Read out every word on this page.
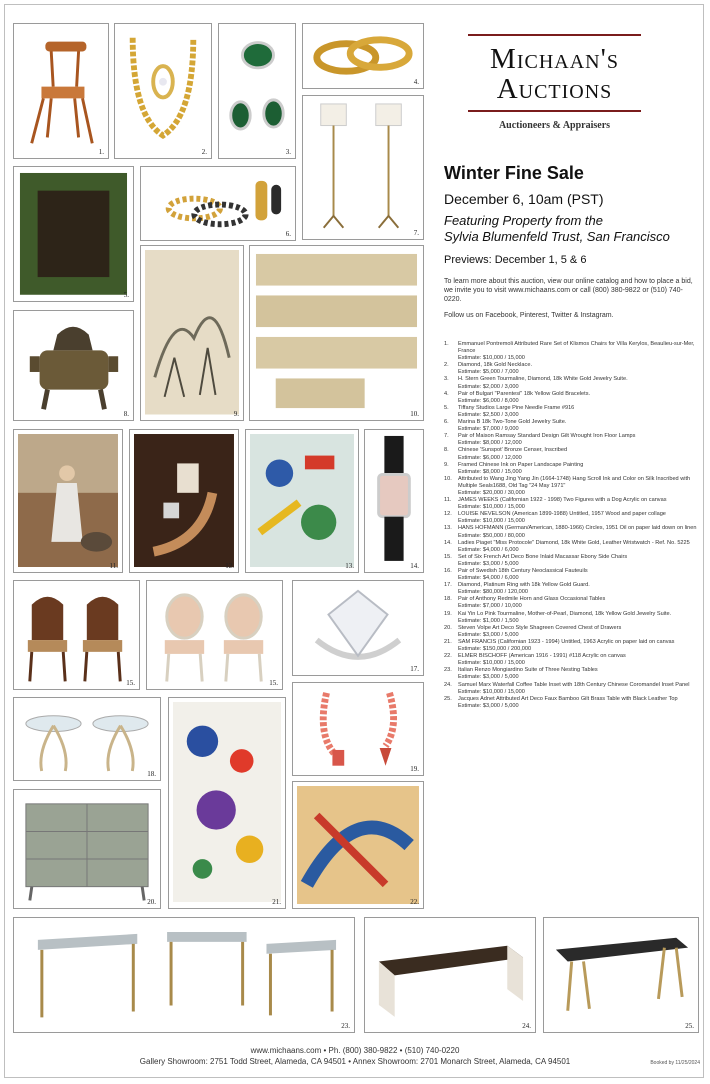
Michaan's
Auctions
Auctioneers & Appraisers
Winter Fine Sale
December 6, 10am (PST)
Featuring Property from the
Sylvia Blumenfeld Trust, San Francisco
Previews: December 1, 5 & 6
To learn more about this auction, view our online catalog and how to place a bid, we invite you to visit www.michaans.com or call (800) 380-9822 or (510) 740-0220.
Follow us on Facebook, Pinterest, Twitter & Instagram.
1. Emmanuel Pontremoli Attributed Rare Set of Klismos Chairs for Villa Kerylos, Beaulieu-sur-Mer, France
Estimate: $10,000 / 15,000
2. Diamond, 18k Gold Necklace.
Estimate: $5,000 / 7,000
3. H. Stern Green Tourmaline, Diamond, 18k White Gold Jewelry Suite.
Estimate: $2,000 / 3,000
4. Pair of Bulgari "Parentesi" 18k Yellow Gold Bracelets.
Estimate: $6,000 / 8,000
5. Tiffany Studios Large Pine Needle Frame #916
Estimate: $2,500 / 3,000
6. Marina B 18k Two-Tone Gold Jewelry Suite.
Estimate: $7,000 / 9,000
7. Pair of Maison Ramsay Standard Design Gilt Wrought Iron Floor Lamps
Estimate: $8,000 / 12,000
8. Chinese 'Sunspot' Bronze Censer, Inscribed
Estimate: $6,000 / 12,000
9. Framed Chinese Ink on Paper Landscape Painting
Estimate: $8,000 / 15,000
10. Attributed to Wang Jing Yang Jin (1664-1748) Hang Scroll Ink and Color on Silk Inscribed with Multiple Seals1688, Old Tag "24 May 1971"
Estimate: $20,000 / 30,000
11. JAMES WEEKS (Californian 1922 - 1998) Two Figures with a Dog Acrylic on canvas
Estimate: $10,000 / 15,000
12. LOUISE NEVELSON (American 1899-1988) Untitled, 1957 Wood and paper collage
Estimate: $10,000 / 15,000
13. HANS HOFMANN (German/American, 1880-1966) Circles, 1951 Oil on paper laid down on linen
Estimate: $50,000 / 80,000
14. Ladies Piaget "Miss Protocole" Diamond, 18k White Gold, Leather Wristwatch - Ref. No. 5225
Estimate: $4,000 / 6,000
15. Set of Six French Art Deco Bone Inlaid Macassar Ebony Side Chairs
Estimate: $3,000 / 5,000
16. Pair of Swedish 18th Century Neoclassical Fauteuils
Estimate: $4,000 / 6,000
17. Diamond, Platinum Ring with 18k Yellow Gold Guard.
Estimate: $80,000 / 120,000
18. Pair of Anthony Redmile Horn and Glass Occasional Tables
Estimate: $7,000 / 10,000
19. Kai Yin Lo Pink Tourmaline, Mother-of-Pearl, Diamond, 18k Yellow Gold Jewelry Suite.
Estimate: $1,000 / 1,500
20. Steven Volpe Art Deco Style Shagreen Covered Chest of Drawers
Estimate: $3,000 / 5,000
21. SAM FRANCIS (Californian 1923 - 1994) Untitled, 1963 Acrylic on paper laid on canvas
Estimate: $150,000 / 200,000
22. ELMER BISCHOFF (American 1916 - 1991) #118 Acrylic on canvas
Estimate: $10,000 / 15,000
23. Italian Renzo Mongiardino Suite of Three Nesting Tables
Estimate: $3,000 / 5,000
24. Samuel Marx Waterfall Coffee Table Inset with 18th Century Chinese Coromandel Inset Panel
Estimate: $10,000 / 15,000
25. Jacques Adnet Attributed Art Deco Faux Bamboo Gilt Brass Table with Black Leather Top
Estimate: $3,000 / 5,000
1.	2.	3.
4.
5.
6.	7.
8.	9.	10.
11.	12.	13.	14.
15.	15.
17.
18.
19.
20.	21.	22.
23.	24.	25.
www.michaans.com • Ph. (800) 380-9822 • (510) 740-0220
Gallery Showroom: 2751 Todd Street, Alameda, CA 94501 • Annex Showroom: 2701 Monarch Street, Alameda, CA 94501	Booked by 11/25/2024
